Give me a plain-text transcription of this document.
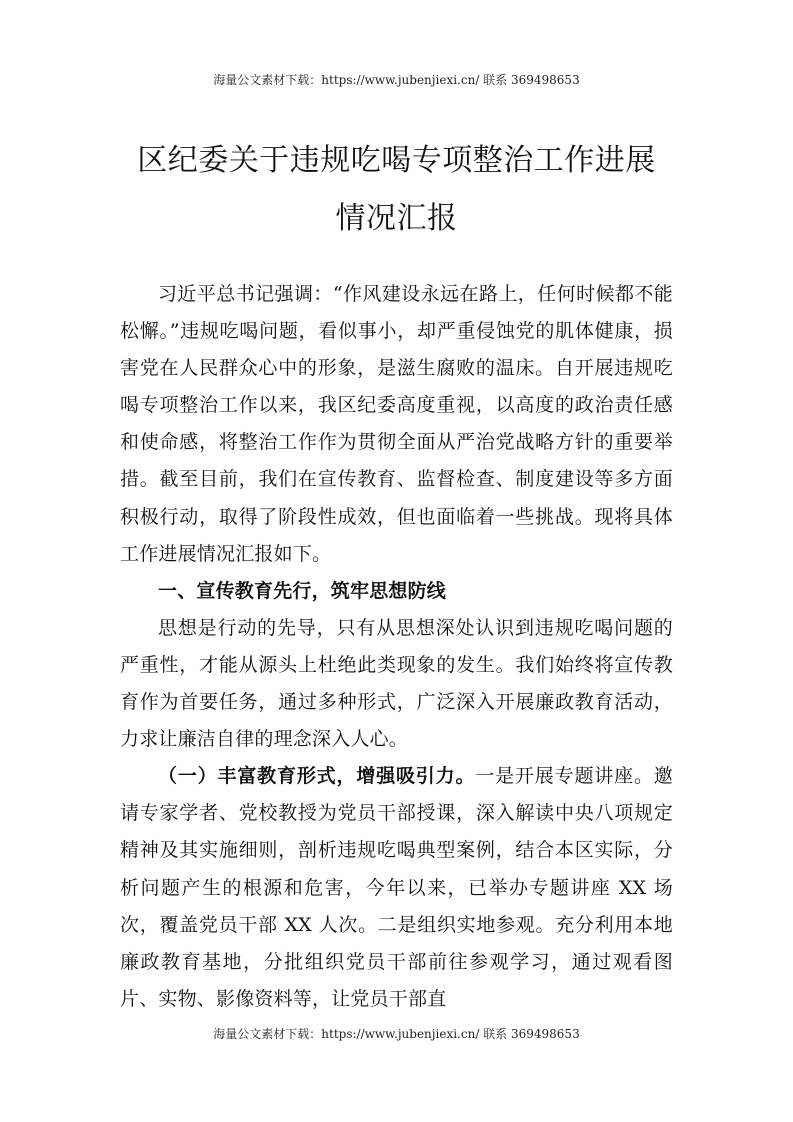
海量公文素材下载：https://www.jubenjiexi.cn/ 联系 369498653
区纪委关于违规吃喝专项整治工作进展情况汇报

习近平总书记强调：“作风建设永远在路上，任何时候都不能松懈。”违规吃喝问题，看似事小，却严重侵蚀党的肌体健康，损害党在人民群众心中的形象，是滋生腐败的温床。自开展违规吃喝专项整治工作以来，我区纪委高度重视，以高度的政治责任感和使命感，将整治工作作为贯彻全面从严治党战略方针的重要举措。截至目前，我们在宣传教育、监督检查、制度建设等多方面积极行动，取得了阶段性成效，但也面临着一些挑战。现将具体工作进展情况汇报如下。

一、宣传教育先行，筑牢思想防线

思想是行动的先导，只有从思想深处认识到违规吃喝问题的严重性，才能从源头上杜绝此类现象的发生。我们始终将宣传教育作为首要任务，通过多种形式，广泛深入开展廉政教育活动，力求让廉洁自律的理念深入人心。

（一）丰富教育形式，增强吸引力。一是开展专题讲座。邀请专家学者、党校教授为党员干部授课，深入解读中央八项规定精神及其实施细则，剖析违规吃喝典型案例，结合本区实际，分析问题产生的根源和危害，今年以来，已举办专题讲座 XX 场次，覆盖党员干部 XX 人次。二是组织实地参观。充分利用本地廉政教育基地，分批组织党员干部前往参观学习，通过观看图片、实物、影像资料等，让党员干部直

海量公文素材下载：https://www.jubenjiexi.cn/ 联系 369498653
